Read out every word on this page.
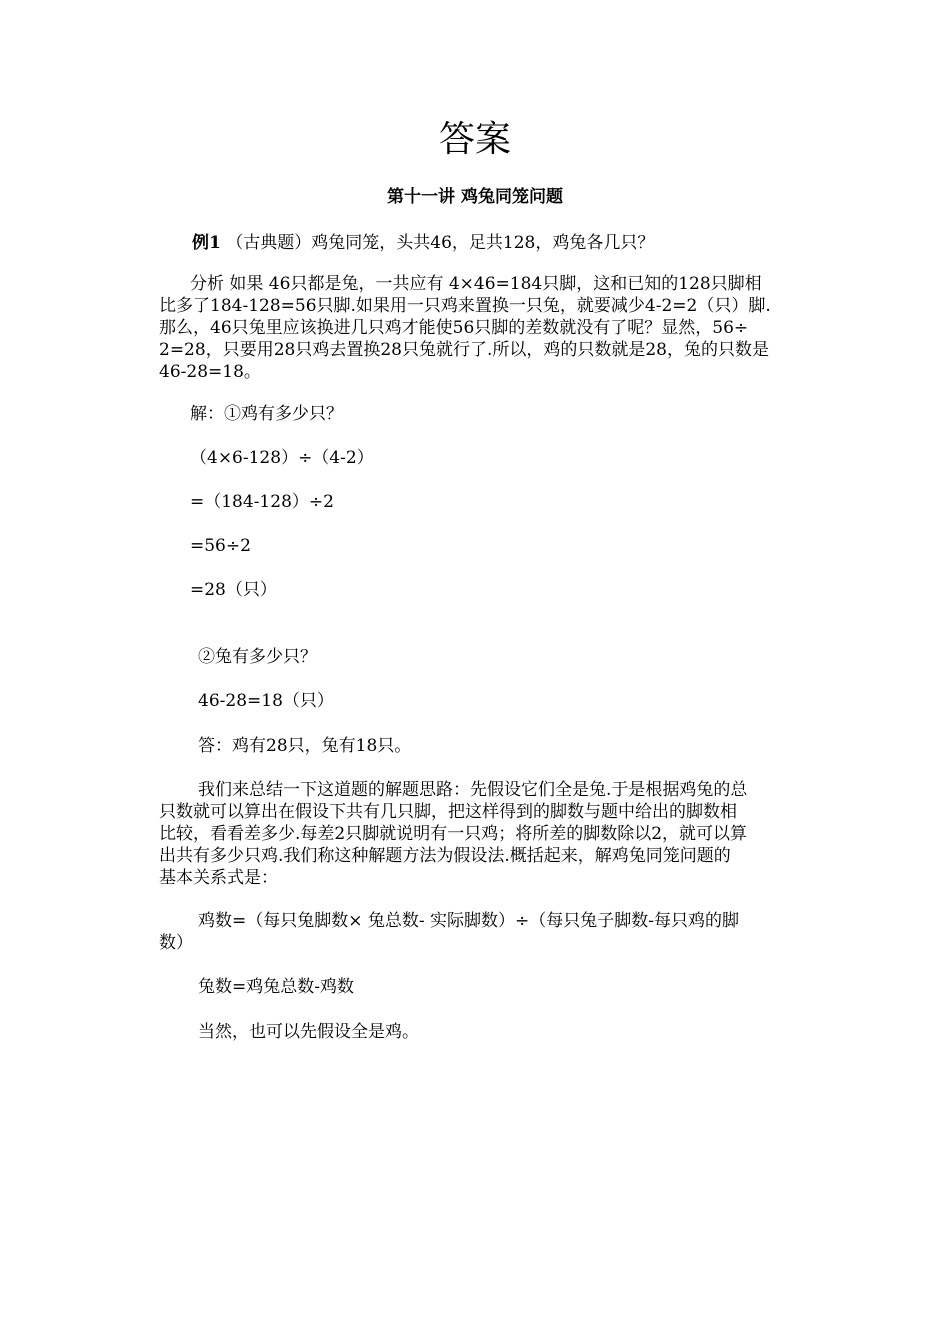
答案
第十一讲 鸡兔同笼问题
例1 （古典题）鸡兔同笼，头共46，足共128，鸡兔各几只？
分析 如果 46只都是兔，一共应有 4×46=184只脚，这和已知的128只脚相
比多了184-128=56只脚.如果用一只鸡来置换一只兔，就要减少4-2=2（只）脚.
那么，46只兔里应该换进几只鸡才能使56只脚的差数就没有了呢？显然，56÷
2=28，只要用28只鸡去置换28只兔就行了.所以，鸡的只数就是28，兔的只数是
46-28=18。
解：①鸡有多少只？
（4×6-128）÷（4-2）
=（184-128）÷2
=56÷2
=28（只）
②兔有多少只？
46-28=18（只）
答：鸡有28只，兔有18只。
我们来总结一下这道题的解题思路：先假设它们全是兔.于是根据鸡兔的总
只数就可以算出在假设下共有几只脚，把这样得到的脚数与题中给出的脚数相
比较，看看差多少.每差2只脚就说明有一只鸡；将所差的脚数除以2，就可以算
出共有多少只鸡.我们称这种解题方法为假设法.概括起来，解鸡兔同笼问题的
基本关系式是：
鸡数=（每只兔脚数× 兔总数- 实际脚数）÷（每只兔子脚数-每只鸡的脚
数）
兔数=鸡兔总数-鸡数
当然，也可以先假设全是鸡。
